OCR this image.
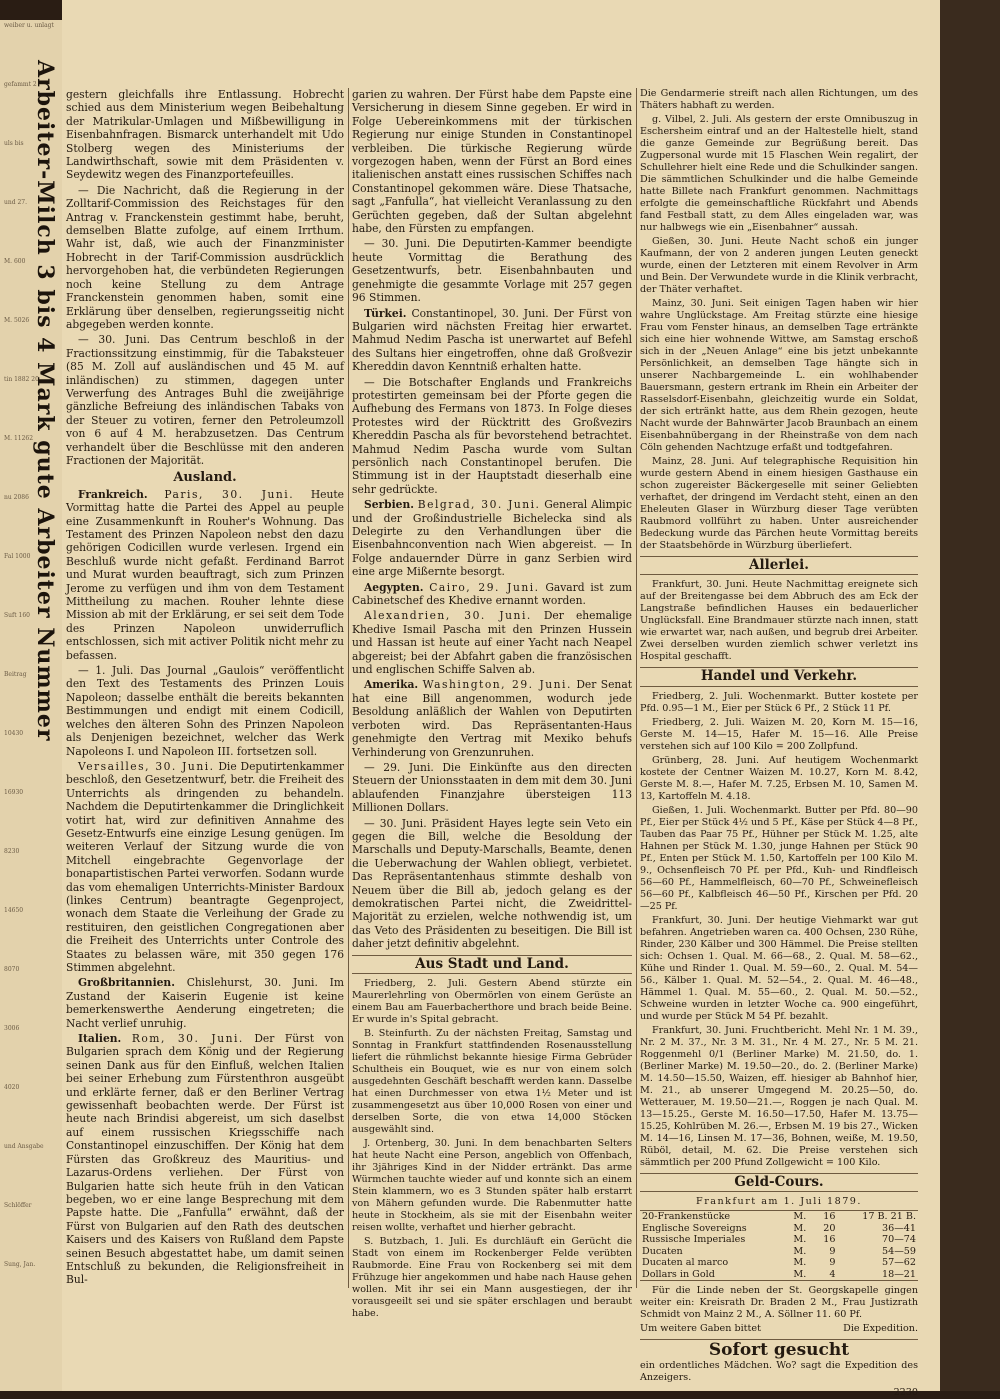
weiber u. unlagt
gefammt 2
uls bis
und 27.
M. 600
M. 5026
tin 1882 20
M. 11262
nu 2086
Fal 1000
Suft 160
Beitrag
10430
16930
8230
14650
8070
3006
4020
und Ansgabe
Schlöffer
Sung, Jan.
Arbeiter-Milch 3 bis 4 Mark gute Arbeiter Nummer gestern gleichfalls ihre Entlassung. Hobrecht schied aus dem Ministerium wegen Beibehaltung der Matrikular-Umlagen und Mißbewilligung in Eisenbahnfragen. Bismarck unterhandelt mit Udo Stolberg wegen des Ministeriums der Landwirthschaft, sowie mit dem Präsidenten v. Seydewitz wegen des Finanzportefeuilles.

— Die Nachricht, daß die Regierung in der Zolltarif-Commission des Reichstages für den Antrag v. Franckenstein gestimmt habe, beruht, demselben Blatte zufolge, auf einem Irrthum. Wahr ist, daß, wie auch der Finanzminister Hobrecht in der Tarif-Commission ausdrücklich hervorgehoben hat, die verbündeten Regierungen noch keine Stellung zu dem Antrage Franckenstein genommen haben, somit eine Erklärung über denselben, regierungsseitig nicht abgegeben werden konnte.

— 30. Juni. Das Centrum beschloß in der Fractionssitzung einstimmig, für die Tabaksteuer (85 M. Zoll auf ausländischen und 45 M. auf inländischen) zu stimmen, dagegen unter Verwerfung des Antrages Buhl die zweijährige gänzliche Befreiung des inländischen Tabaks von der Steuer zu votiren, ferner den Petroleumzoll von 6 auf 4 M. herabzusetzen. Das Centrum verhandelt über die Beschlüsse mit den anderen Fractionen der Majorität.

Ausland.

Frankreich. Paris, 30. Juni. Heute Vormittag hatte die Partei des Appel au peuple eine Zusammenkunft in Rouher's Wohnung. Das Testament des Prinzen Napoleon nebst den dazu gehörigen Codicillen wurde verlesen. Irgend ein Beschluß wurde nicht gefaßt. Ferdinand Barrot und Murat wurden beauftragt, sich zum Prinzen Jerome zu verfügen und ihm von dem Testament Mittheilung zu machen. Rouher lehnte diese Mission ab mit der Erklärung, er sei seit dem Tode des Prinzen Napoleon unwiderruflich entschlossen, sich mit activer Politik nicht mehr zu befassen.

— 1. Juli. Das Journal „Gaulois“ veröffentlicht den Text des Testaments des Prinzen Louis Napoleon; dasselbe enthält die bereits bekannten Bestimmungen und endigt mit einem Codicill, welches den älteren Sohn des Prinzen Napoleon als Denjenigen bezeichnet, welcher das Werk Napoleons I. und Napoleon III. fortsetzen soll.

Versailles, 30. Juni. Die Deputirtenkammer beschloß, den Gesetzentwurf, betr. die Freiheit des Unterrichts als dringenden zu behandeln. Nachdem die Deputirtenkammer die Dringlichkeit votirt hat, wird zur definitiven Annahme des Gesetz-Entwurfs eine einzige Lesung genügen. Im weiteren Verlauf der Sitzung wurde die von Mitchell eingebrachte Gegenvorlage der bonapartistischen Partei verworfen. Sodann wurde das vom ehemaligen Unterrichts-Minister Bardoux (linkes Centrum) beantragte Gegenproject, wonach dem Staate die Verleihung der Grade zu restituiren, den geistlichen Congregationen aber die Freiheit des Unterrichts unter Controle des Staates zu belassen wäre, mit 350 gegen 176 Stimmen abgelehnt.

Großbritannien. Chislehurst, 30. Juni. Im Zustand der Kaiserin Eugenie ist keine bemerkenswerthe Aenderung eingetreten; die Nacht verlief unruhig.

Italien. Rom, 30. Juni. Der Fürst von Bulgarien sprach dem König und der Regierung seinen Dank aus für den Einfluß, welchen Italien bei seiner Erhebung zum Fürstenthron ausgeübt und erklärte ferner, daß er den Berliner Vertrag gewissenhaft beobachten werde. Der Fürst ist heute nach Brindisi abgereist, um sich daselbst auf einem russischen Kriegsschiffe nach Constantinopel einzuschiffen. Der König hat dem Fürsten das Großkreuz des Mauritius- und Lazarus-Ordens verliehen. Der Fürst von Bulgarien hatte sich heute früh in den Vatican begeben, wo er eine lange Besprechung mit dem Papste hatte. Die „Fanfulla“ erwähnt, daß der Fürst von Bulgarien auf den Rath des deutschen Kaisers und des Kaisers von Rußland dem Papste seinen Besuch abgestattet habe, um damit seinen Entschluß zu bekunden, die Religionsfreiheit in Bul-

garien zu wahren. Der Fürst habe dem Papste eine Versicherung in diesem Sinne gegeben. Er wird in Folge Uebereinkommens mit der türkischen Regierung nur einige Stunden in Constantinopel verbleiben. Die türkische Regierung würde vorgezogen haben, wenn der Fürst an Bord eines italienischen anstatt eines russischen Schiffes nach Constantinopel gekommen wäre. Diese Thatsache, sagt „Fanfulla“, hat vielleicht Veranlassung zu den Gerüchten gegeben, daß der Sultan abgelehnt habe, den Fürsten zu empfangen.

— 30. Juni. Die Deputirten-Kammer beendigte heute Vormittag die Berathung des Gesetzentwurfs, betr. Eisenbahnbauten und genehmigte die gesammte Vorlage mit 257 gegen 96 Stimmen.

Türkei. Constantinopel, 30. Juni. Der Fürst von Bulgarien wird nächsten Freitag hier erwartet. Mahmud Nedim Pascha ist unerwartet auf Befehl des Sultans hier eingetroffen, ohne daß Großvezir Khereddin davon Kenntniß erhalten hatte.

— Die Botschafter Englands und Frankreichs protestirten gemeinsam bei der Pforte gegen die Aufhebung des Fermans von 1873. In Folge dieses Protestes wird der Rücktritt des Großvezirs Khereddin Pascha als für bevorstehend betrachtet. Mahmud Nedim Pascha wurde vom Sultan persönlich nach Constantinopel berufen. Die Stimmung ist in der Hauptstadt dieserhalb eine sehr gedrückte.

Serbien. Belgrad, 30. Juni. General Alimpic und der Großindustrielle Bichelecka sind als Delegirte zu den Verhandlungen über die Eisenbahnconvention nach Wien abgereist. — In Folge andauernder Dürre in ganz Serbien wird eine arge Mißernte besorgt.

Aegypten. Cairo, 29. Juni. Gavard ist zum Cabinetschef des Khedive ernannt worden.

Alexandrien, 30. Juni. Der ehemalige Khedive Ismail Pascha mit den Prinzen Hussein und Hassan ist heute auf einer Yacht nach Neapel abgereist; bei der Abfahrt gaben die französischen und englischen Schiffe Salven ab.

Amerika. Washington, 29. Juni. Der Senat hat eine Bill angenommen, wodurch jede Besoldung anläßlich der Wahlen von Deputirten verboten wird. Das Repräsentanten-Haus genehmigte den Vertrag mit Mexiko behufs Verhinderung von Grenzunruhen.

— 29. Juni. Die Einkünfte aus den directen Steuern der Unionsstaaten in dem mit dem 30. Juni ablaufenden Finanzjahre übersteigen 113 Millionen Dollars.

— 30. Juni. Präsident Hayes legte sein Veto ein gegen die Bill, welche die Besoldung der Marschalls und Deputy-Marschalls, Beamte, denen die Ueberwachung der Wahlen obliegt, verbietet. Das Repräsentantenhaus stimmte deshalb von Neuem über die Bill ab, jedoch gelang es der demokratischen Partei nicht, die Zweidrittel-Majorität zu erzielen, welche nothwendig ist, um das Veto des Präsidenten zu beseitigen. Die Bill ist daher jetzt definitiv abgelehnt.

Aus Stadt und Land.

Friedberg, 2. Juli. Gestern Abend stürzte ein Maurerlehrling von Obermörlen von einem Gerüste an einem Bau am Fauerbacherthore und brach beide Beine. Er wurde in's Spital gebracht.

B. Steinfurth. Zu der nächsten Freitag, Samstag und Sonntag in Frankfurt stattfindenden Rosenausstellung liefert die rühmlichst bekannte hiesige Firma Gebrüder Schultheis ein Bouquet, wie es nur von einem solch ausgedehnten Geschäft beschafft werden kann. Dasselbe hat einen Durchmesser von etwa 1½ Meter und ist zusammengesetzt aus über 10,000 Rosen von einer und derselben Sorte, die von etwa 14,000 Stöcken ausgewählt sind.

J. Ortenberg, 30. Juni. In dem benachbarten Selters hat heute Nacht eine Person, angeblich von Offenbach, ihr 3jähriges Kind in der Nidder ertränkt. Das arme Würmchen tauchte wieder auf und konnte sich an einem Stein klammern, wo es 3 Stunden später halb erstarrt von Mähern gefunden wurde. Die Rabenmutter hatte heute in Stockheim, als sie mit der Eisenbahn weiter reisen wollte, verhaftet und hierher gebracht.

S. Butzbach, 1. Juli. Es durchläuft ein Gerücht die Stadt von einem im Rockenberger Felde verübten Raubmorde. Eine Frau von Rockenberg sei mit dem Frühzuge hier angekommen und habe nach Hause gehen wollen. Mit ihr sei ein Mann ausgestiegen, der ihr vorausgeeilt sei und sie später erschlagen und beraubt habe.

Die Gendarmerie streift nach allen Richtungen, um des Thäters habhaft zu werden.

g. Vilbel, 2. Juli. Als gestern der erste Omnibuszug in Eschersheim eintraf und an der Haltestelle hielt, stand die ganze Gemeinde zur Begrüßung bereit. Das Zugpersonal wurde mit 15 Flaschen Wein regalirt, der Schullehrer hielt eine Rede und die Schulkinder sangen. Die sämmtlichen Schulkinder und die halbe Gemeinde hatte Billete nach Frankfurt genommen. Nachmittags erfolgte die gemeinschaftliche Rückfahrt und Abends fand Festball statt, zu dem Alles eingeladen war, was nur halbwegs wie ein „Eisenbahner“ aussah.

Gießen, 30. Juni. Heute Nacht schoß ein junger Kaufmann, der von 2 anderen jungen Leuten geneckt wurde, einen der Letzteren mit einem Revolver in Arm und Bein. Der Verwundete wurde in die Klinik verbracht, der Thäter verhaftet.

Mainz, 30. Juni. Seit einigen Tagen haben wir hier wahre Unglückstage. Am Freitag stürzte eine hiesige Frau vom Fenster hinaus, an demselben Tage ertränkte sich eine hier wohnende Wittwe, am Samstag erschoß sich in der „Neuen Anlage“ eine bis jetzt unbekannte Persönlichkeit, an demselben Tage hängte sich in unserer Nachbargemeinde L. ein wohlhabender Bauersmann, gestern ertrank im Rhein ein Arbeiter der Rasselsdorf-Eisenbahn, gleichzeitig wurde ein Soldat, der sich ertränkt hatte, aus dem Rhein gezogen, heute Nacht wurde der Bahnwärter Jacob Braunbach an einem Eisenbahnübergang in der Rheinstraße von dem nach Cöln gehenden Nachtzuge erfaßt und todtgefahren.

Mainz, 28. Juni. Auf telegraphische Requisition hin wurde gestern Abend in einem hiesigen Gasthause ein schon zugereister Bäckergeselle mit seiner Geliebten verhaftet, der dringend im Verdacht steht, einen an den Eheleuten Glaser in Würzburg dieser Tage verübten Raubmord vollführt zu haben. Unter ausreichender Bedeckung wurde das Pärchen heute Vormittag bereits der Staatsbehörde in Würzburg überliefert.

Allerlei.

Frankfurt, 30. Juni. Heute Nachmittag ereignete sich auf der Breitengasse bei dem Abbruch des am Eck der Langstraße befindlichen Hauses ein bedauerlicher Unglücksfall. Eine Brandmauer stürzte nach innen, statt wie erwartet war, nach außen, und begrub drei Arbeiter. Zwei derselben wurden ziemlich schwer verletzt ins Hospital geschafft.

Handel und Verkehr.

Friedberg, 2. Juli. Wochenmarkt. Butter kostete per Pfd. 0.95—1 M., Eier per Stück 6 Pf., 2 Stück 11 Pf.

Friedberg, 2. Juli. Waizen M. 20, Korn M. 15—16, Gerste M. 14—15, Hafer M. 15—16. Alle Preise verstehen sich auf 100 Kilo = 200 Zollpfund.

Grünberg, 28. Juni. Auf heutigem Wochenmarkt kostete der Centner Waizen M. 10.27, Korn M. 8.42, Gerste M. 8.—, Hafer M. 7.25, Erbsen M. 10, Samen M. 13, Kartoffeln M. 4.18.

Gießen, 1. Juli. Wochenmarkt. Butter per Pfd. 80—90 Pf., Eier per Stück 4½ und 5 Pf., Käse per Stück 4—8 Pf., Tauben das Paar 75 Pf., Hühner per Stück M. 1.25, alte Hahnen per Stück M. 1.30, junge Hahnen per Stück 90 Pf., Enten per Stück M. 1.50, Kartoffeln per 100 Kilo M. 9., Ochsenfleisch 70 Pf. per Pfd., Kuh- und Rindfleisch 56—60 Pf., Hammelfleisch, 60—70 Pf., Schweinefleisch 56—60 Pf., Kalbfleisch 46—50 Pf., Kirschen per Pfd. 20—25 Pf.

Frankfurt, 30. Juni. Der heutige Viehmarkt war gut befahren. Angetrieben waren ca. 400 Ochsen, 230 Rühe, Rinder, 230 Kälber und 300 Hämmel. Die Preise stellten sich: Ochsen 1. Qual. M. 66—68., 2. Qual. M. 58—62., Kühe und Rinder 1. Qual. M. 59—60., 2. Qual. M. 54—56., Kälber 1. Qual. M. 52—54., 2. Qual. M. 46—48., Hämmel 1. Qual. M. 55—60., 2. Qual. M. 50.—52., Schweine wurden in letzter Woche ca. 900 eingeführt, und wurde per Stück M 54 Pf. bezahlt.

Frankfurt, 30. Juni. Fruchtbericht. Mehl Nr. 1 M. 39., Nr. 2 M. 37., Nr. 3 M. 31., Nr. 4 M. 27., Nr. 5 M. 21. Roggenmehl 0/1 (Berliner Marke) M. 21.50, do. 1. (Berliner Marke) M. 19.50—20., do. 2. (Berliner Marke) M. 14.50—15.50, Waizen, eff. hiesiger ab Bahnhof hier, M. 21., ab unserer Umgegend M. 20.25—50, do. Wetterauer, M. 19.50—21.—, Roggen je nach Qual. M. 13—15.25., Gerste M. 16.50—17.50, Hafer M. 13.75—15.25, Kohlrüben M. 26.—, Erbsen M. 19 bis 27., Wicken M. 14—16, Linsen M. 17—36, Bohnen, weiße, M. 19.50, Rüböl, detail, M. 62. Die Preise verstehen sich sämmtlich per 200 Pfund Zollgewicht = 100 Kilo.

Geld-Cours.
Frankfurt am 1. Juli 1879.
20-Frankenstücke	M.	16	17 B. 21 B.
Englische Sovereigns	M.	20	36—41
Russische Imperiales	M.	16	70—74
Ducaten	M.	9	54—59
Ducaten al marco	M.	9	57—62
Dollars in Gold	M.	4	18—21

Für die Linde neben der St. Georgskapelle gingen weiter ein: Kreisrath Dr. Braden 2 M., Frau Justizrath Schmidt von Mainz 2 M., A. Söllner 11. 60 Pf.

Um weitere Gaben bittet	Die Expedition.
Sofort gesucht

ein ordentliches Mädchen. Wo? sagt die Expedition des Anzeigers.

2230
